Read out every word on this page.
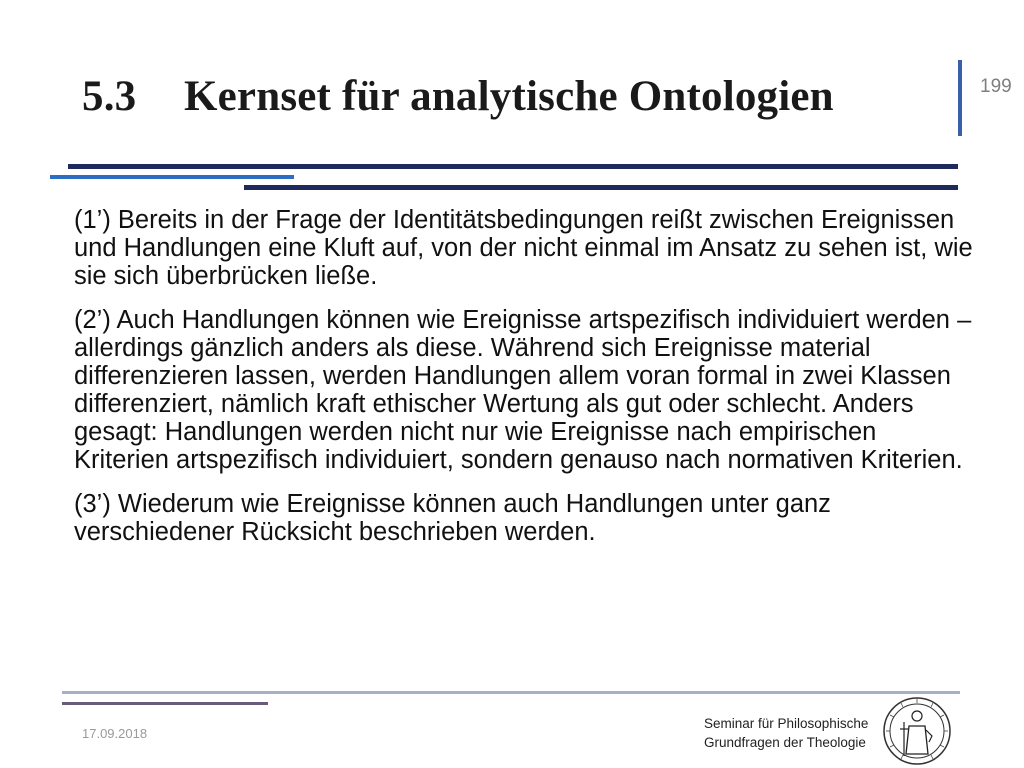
5.3 Kernset für analytische Ontologien	199

(1’) Bereits in der Frage der Identitätsbedingungen reißt zwischen Ereignissen und Handlungen eine Kluft auf, von der nicht einmal im Ansatz zu sehen ist, wie sie sich überbrücken ließe.

(2’) Auch Handlungen können wie Ereignisse artspezifisch individuiert werden – allerdings gänzlich anders als diese. Während sich Ereignisse material differenzieren lassen, werden Handlungen allem voran formal in zwei Klassen differenziert, nämlich kraft ethischer Wertung als gut oder schlecht. Anders gesagt: Handlungen werden nicht nur wie Ereignisse nach empirischen Kriterien artspezifisch individuiert, sondern genauso nach normativen Kriterien.

(3’) Wiederum wie Ereignisse können auch Handlungen unter ganz verschiedener Rücksicht beschrieben werden.

17.09.2018
Seminar für Philosophische
Grundfragen der Theologie
